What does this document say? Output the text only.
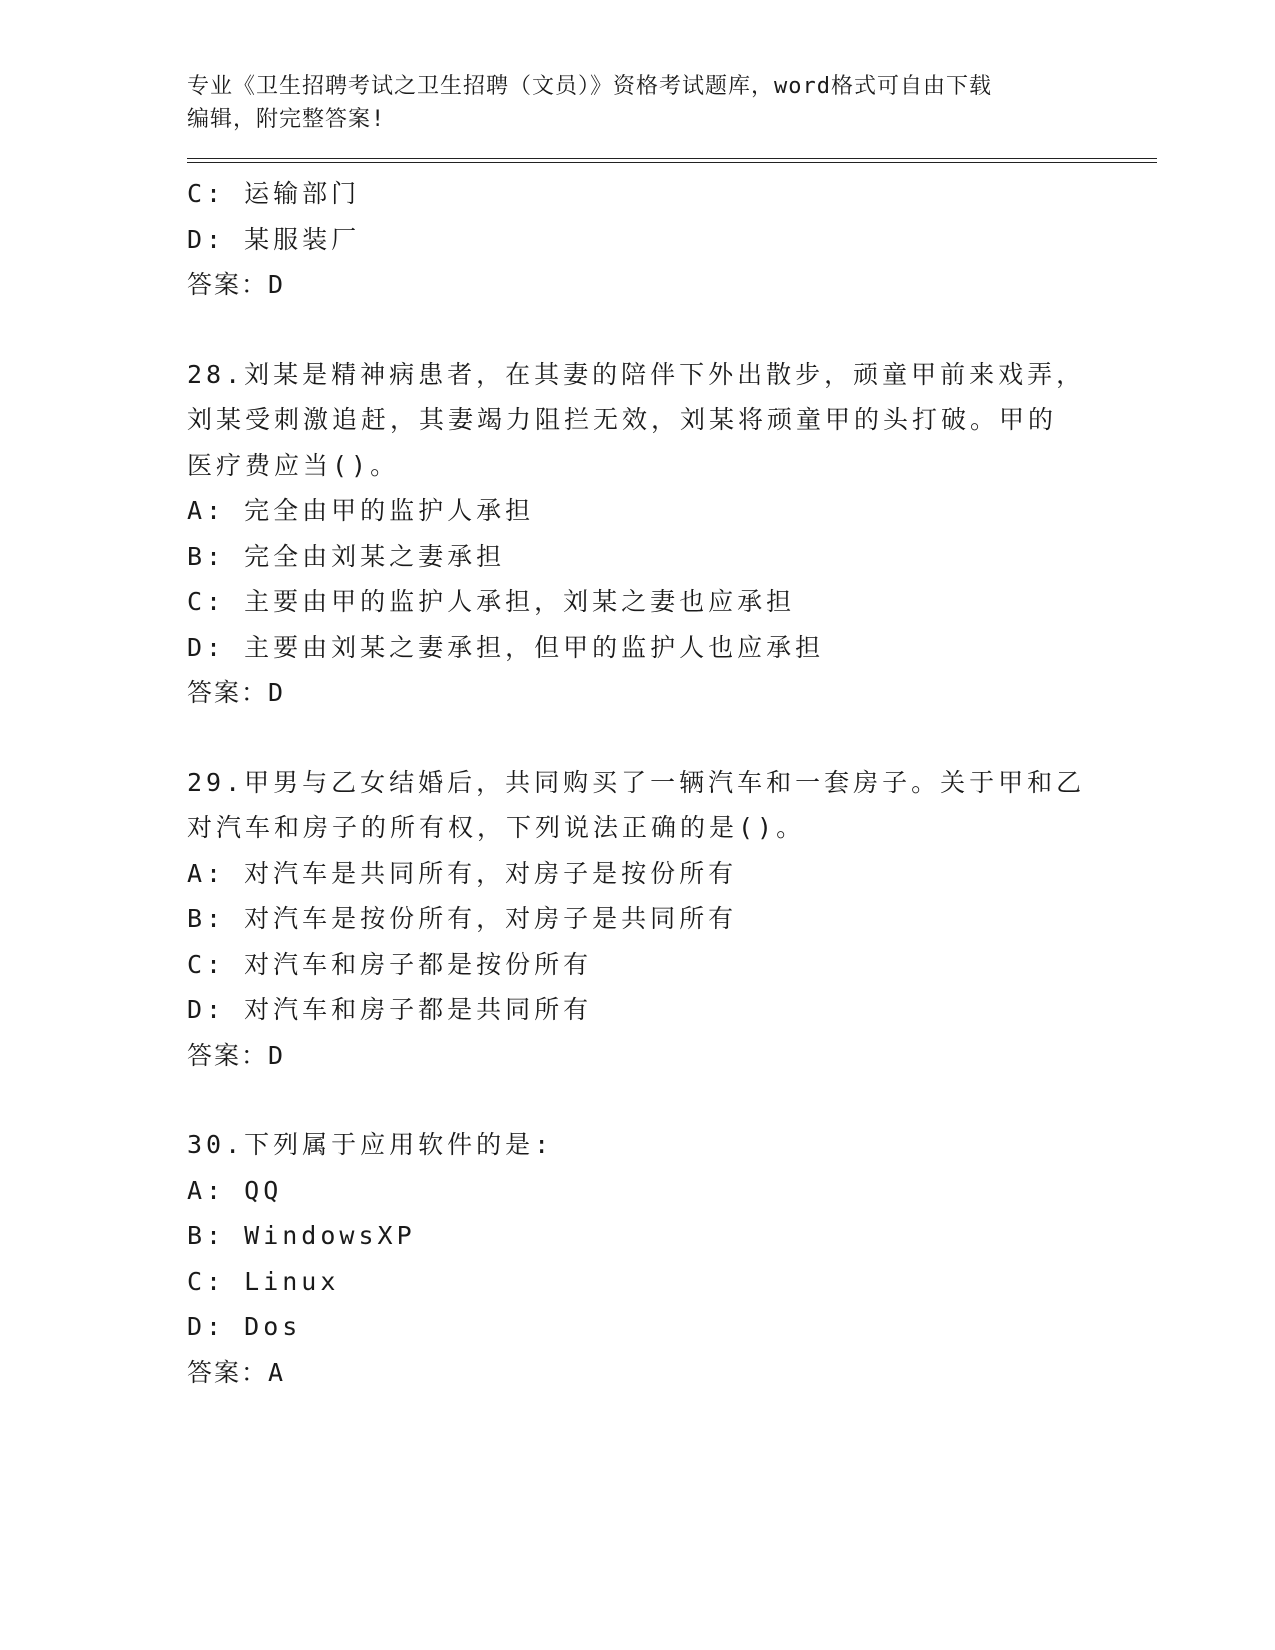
专业《卫生招聘考试之卫生招聘（文员）》资格考试题库，word格式可自由下载
编辑，附完整答案!
C: 运输部门
D: 某服装厂
答案：D
28.刘某是精神病患者，在其妻的陪伴下外出散步，顽童甲前来戏弄，
刘某受刺激追赶，其妻竭力阻拦无效，刘某将顽童甲的头打破。甲的
医疗费应当()。
A: 完全由甲的监护人承担
B: 完全由刘某之妻承担
C: 主要由甲的监护人承担，刘某之妻也应承担
D: 主要由刘某之妻承担，但甲的监护人也应承担
答案：D
29.甲男与乙女结婚后，共同购买了一辆汽车和一套房子。关于甲和乙
对汽车和房子的所有权，下列说法正确的是()。
A: 对汽车是共同所有，对房子是按份所有
B: 对汽车是按份所有，对房子是共同所有
C: 对汽车和房子都是按份所有
D: 对汽车和房子都是共同所有
答案：D
30.下列属于应用软件的是:
A: QQ
B: WindowsXP
C: Linux
D: Dos
答案：A
